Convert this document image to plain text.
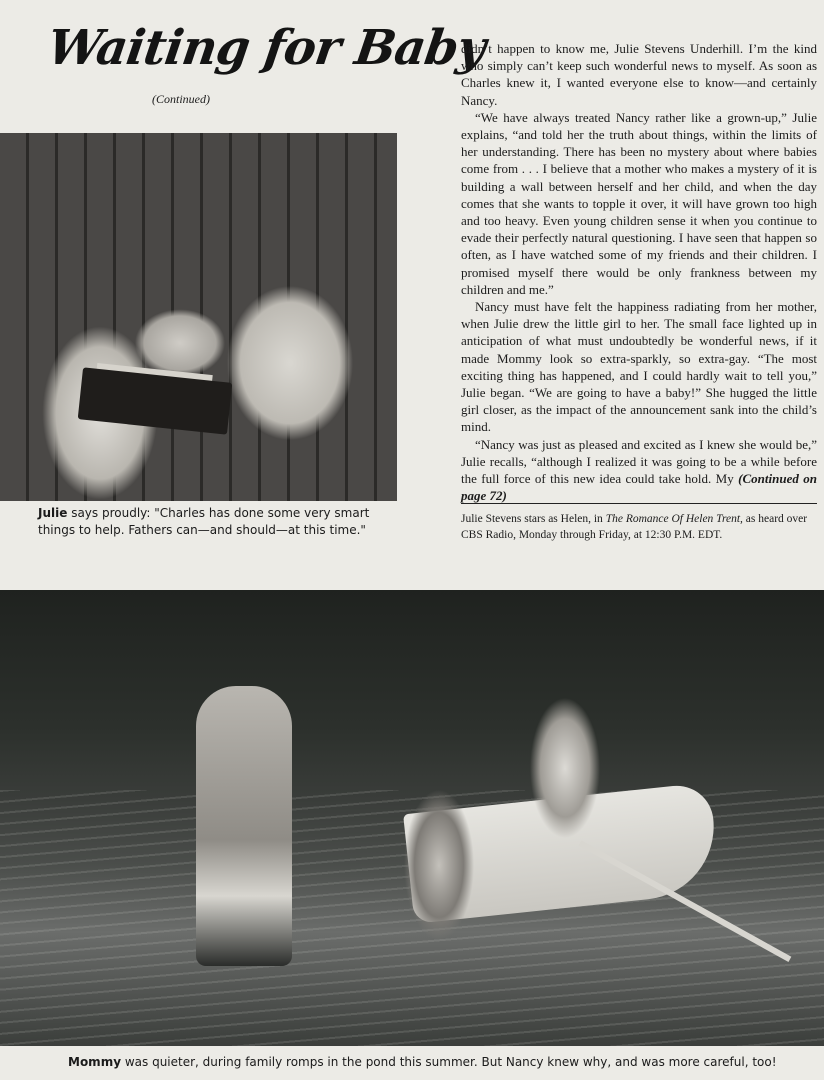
Waiting for Baby
(Continued)
Julie says proudly: "Charles has done some very smart things to help. Fathers can—and should—at this time."

didn’t happen to know me, Julie Stevens Underhill. I’m the kind who simply can’t keep such wonderful news to myself. As soon as Charles knew it, I wanted everyone else to know—and certainly Nancy.

“We have always treated Nancy rather like a grown-up,” Julie explains, “and told her the truth about things, within the limits of her understanding. There has been no mystery about where babies come from . . . I believe that a mother who makes a mystery of it is building a wall between herself and her child, and when the day comes that she wants to topple it over, it will have grown too high and too heavy. Even young children sense it when you continue to evade their perfectly natural questioning. I have seen that happen so often, as I have watched some of my friends and their children. I promised myself there would be only frankness between my children and me.”

Nancy must have felt the happiness radiating from her mother, when Julie drew the little girl to her. The small face lighted up in anticipation of what must undoubtedly be wonderful news, if it made Mommy look so extra-sparkly, so extra-gay. “The most exciting thing has happened, and I could hardly wait to tell you,” Julie began. “We are going to have a baby!” She hugged the little girl closer, as the impact of the announcement sank into the child’s mind.

“Nancy was just as pleased and excited as I knew she would be,” Julie recalls, “although I realized it was going to be a while before the full force of this new idea could take hold. My (Continued on page 72)

Julie Stevens stars as Helen, in The Romance Of Helen Trent, as heard over CBS Radio, Monday through Friday, at 12:30 P.M. EDT.
Mommy was quieter, during family romps in the pond this summer. But Nancy knew why, and was more careful, too!
